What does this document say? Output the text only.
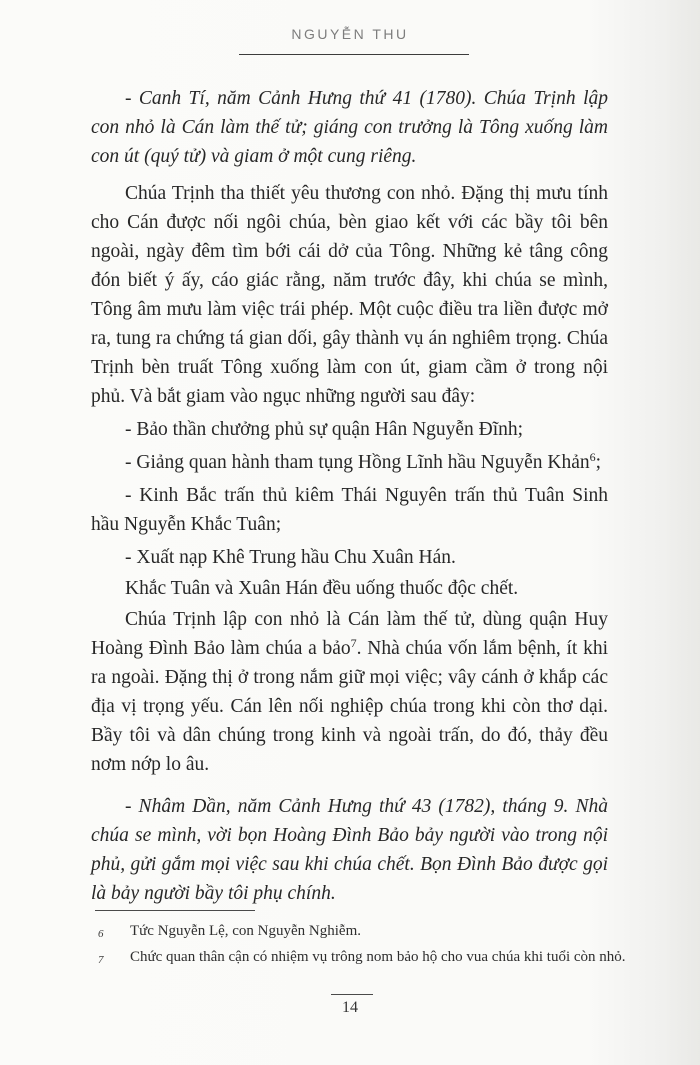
NGUYỄN THU

- Canh Tí, năm Cảnh Hưng thứ 41 (1780). Chúa Trịnh lập con nhỏ là Cán làm thế tử; giáng con trưởng là Tông xuống làm con út (quý tử) và giam ở một cung riêng.

Chúa Trịnh tha thiết yêu thương con nhỏ. Đặng thị mưu tính cho Cán được nối ngôi chúa, bèn giao kết với các bầy tôi bên ngoài, ngày đêm tìm bới cái dở của Tông. Những kẻ tâng công đón biết ý ấy, cáo giác rằng, năm trước đây, khi chúa se mình, Tông âm mưu làm việc trái phép. Một cuộc điều tra liền được mở ra, tung ra chứng tá gian dối, gây thành vụ án nghiêm trọng. Chúa Trịnh bèn truất Tông xuống làm con út, giam cầm ở trong nội phủ. Và bắt giam vào ngục những người sau đây:

- Bảo thần chưởng phủ sự quận Hân Nguyễn Đĩnh;

- Giảng quan hành tham tụng Hồng Lĩnh hầu Nguyễn Khản$^6$;

- Kinh Bắc trấn thủ kiêm Thái Nguyên trấn thủ Tuân Sinh hầu Nguyễn Khắc Tuân;

- Xuất nạp Khê Trung hầu Chu Xuân Hán.

Khắc Tuân và Xuân Hán đều uống thuốc độc chết.

Chúa Trịnh lập con nhỏ là Cán làm thế tử, dùng quận Huy Hoàng Đình Bảo làm chúa a bảo$^7$. Nhà chúa vốn lắm bệnh, ít khi ra ngoài. Đặng thị ở trong nắm giữ mọi việc; vây cánh ở khắp các địa vị trọng yếu. Cán lên nối nghiệp chúa trong khi còn thơ dại. Bầy tôi và dân chúng trong kinh và ngoài trấn, do đó, thảy đều nơm nớp lo âu.

- Nhâm Dần, năm Cảnh Hưng thứ 43 (1782), tháng 9. Nhà chúa se mình, vời bọn Hoàng Đình Bảo bảy người vào trong nội phủ, gửi gắm mọi việc sau khi chúa chết. Bọn Đình Bảo được gọi là bảy người bầy tôi phụ chính.

6 Tức Nguyễn Lệ, con Nguyễn Nghiễm.
7 Chức quan thân cận có nhiệm vụ trông nom bảo hộ cho vua chúa khi tuổi còn nhỏ.
14
